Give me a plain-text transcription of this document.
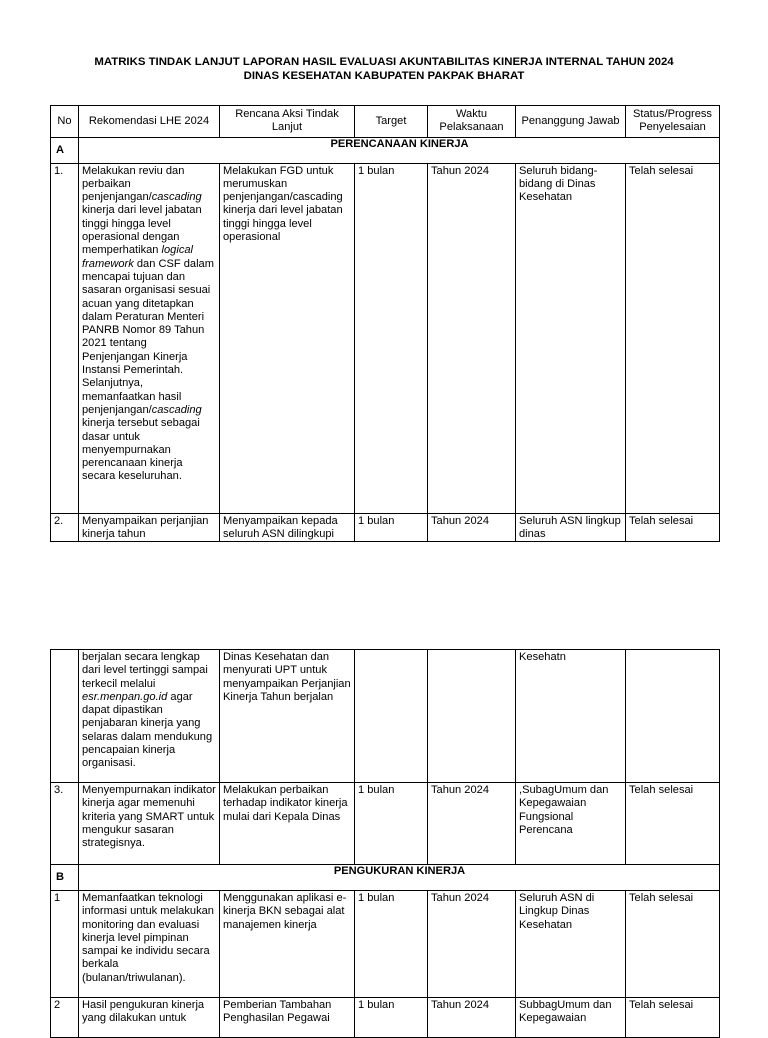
MATRIKS TINDAK LANJUT LAPORAN HASIL EVALUASI AKUNTABILITAS KINERJA INTERNAL TAHUN 2024
DINAS KESEHATAN KABUPATEN PAKPAK BHARAT
No	Rekomendasi LHE 2024	Rencana Aksi Tindak Lanjut	Target	Waktu Pelaksanaan	Penanggung Jawab	Status/Progress Penyelesaian
A	PERENCANAAN KINERJA					
1.	Melakukan reviu dan perbaikan penjenjangan/cascading kinerja dari level jabatan tinggi hingga level operasional dengan memperhatikan logical framework dan CSF dalam mencapai tujuan dan sasaran organisasi sesuai acuan yang ditetapkan dalam Peraturan Menteri PANRB Nomor 89 Tahun 2021 tentang Penjenjangan Kinerja Instansi Pemerintah. Selanjutnya, memanfaatkan hasil penjenjangan/cascading kinerja tersebut sebagai dasar untuk menyempurnakan perencanaan kinerja secara keseluruhan.	Melakukan FGD untuk merumuskan penjenjangan/cascading kinerja dari level jabatan tinggi hingga level operasional	1 bulan	Tahun 2024	Seluruh bidang-bidang di Dinas Kesehatan	Telah selesai
2.	Menyampaikan perjanjian kinerja tahun	Menyampaikan kepada seluruh ASN dilingkupi	1 bulan	Tahun 2024	Seluruh ASN lingkup dinas	Telah selesai
	berjalan secara lengkap dari level tertinggi sampai terkecil melalui esr.menpan.go.id agar dapat dipastikan penjabaran kinerja yang selaras dalam mendukung pencapaian kinerja organisasi.	Dinas Kesehatan dan menyurati UPT untuk menyampaikan Perjanjian Kinerja Tahun berjalan			Kesehatn	
3.	Menyempurnakan indikator kinerja agar memenuhi kriteria yang SMART untuk mengukur sasaran strategisnya.	Melakukan perbaikan terhadap indikator kinerja mulai dari Kepala Dinas	1 bulan	Tahun 2024	,SubagUmum dan Kepegawaian Fungsional Perencana	Telah selesai
B	PENGUKURAN KINERJA					
1	Memanfaatkan teknologi informasi untuk melakukan monitoring dan evaluasi kinerja level pimpinan sampai ke individu secara berkala (bulanan/triwulanan).	Menggunakan aplikasi e-kinerja BKN sebagai alat manajemen kinerja	1 bulan	Tahun 2024	Seluruh ASN di Lingkup Dinas Kesehatan	Telah selesai
2	Hasil pengukuran kinerja yang dilakukan untuk	Pemberian Tambahan Penghasilan Pegawai	1 bulan	Tahun 2024	SubbagUmum dan Kepegawaian	Telah selesai
